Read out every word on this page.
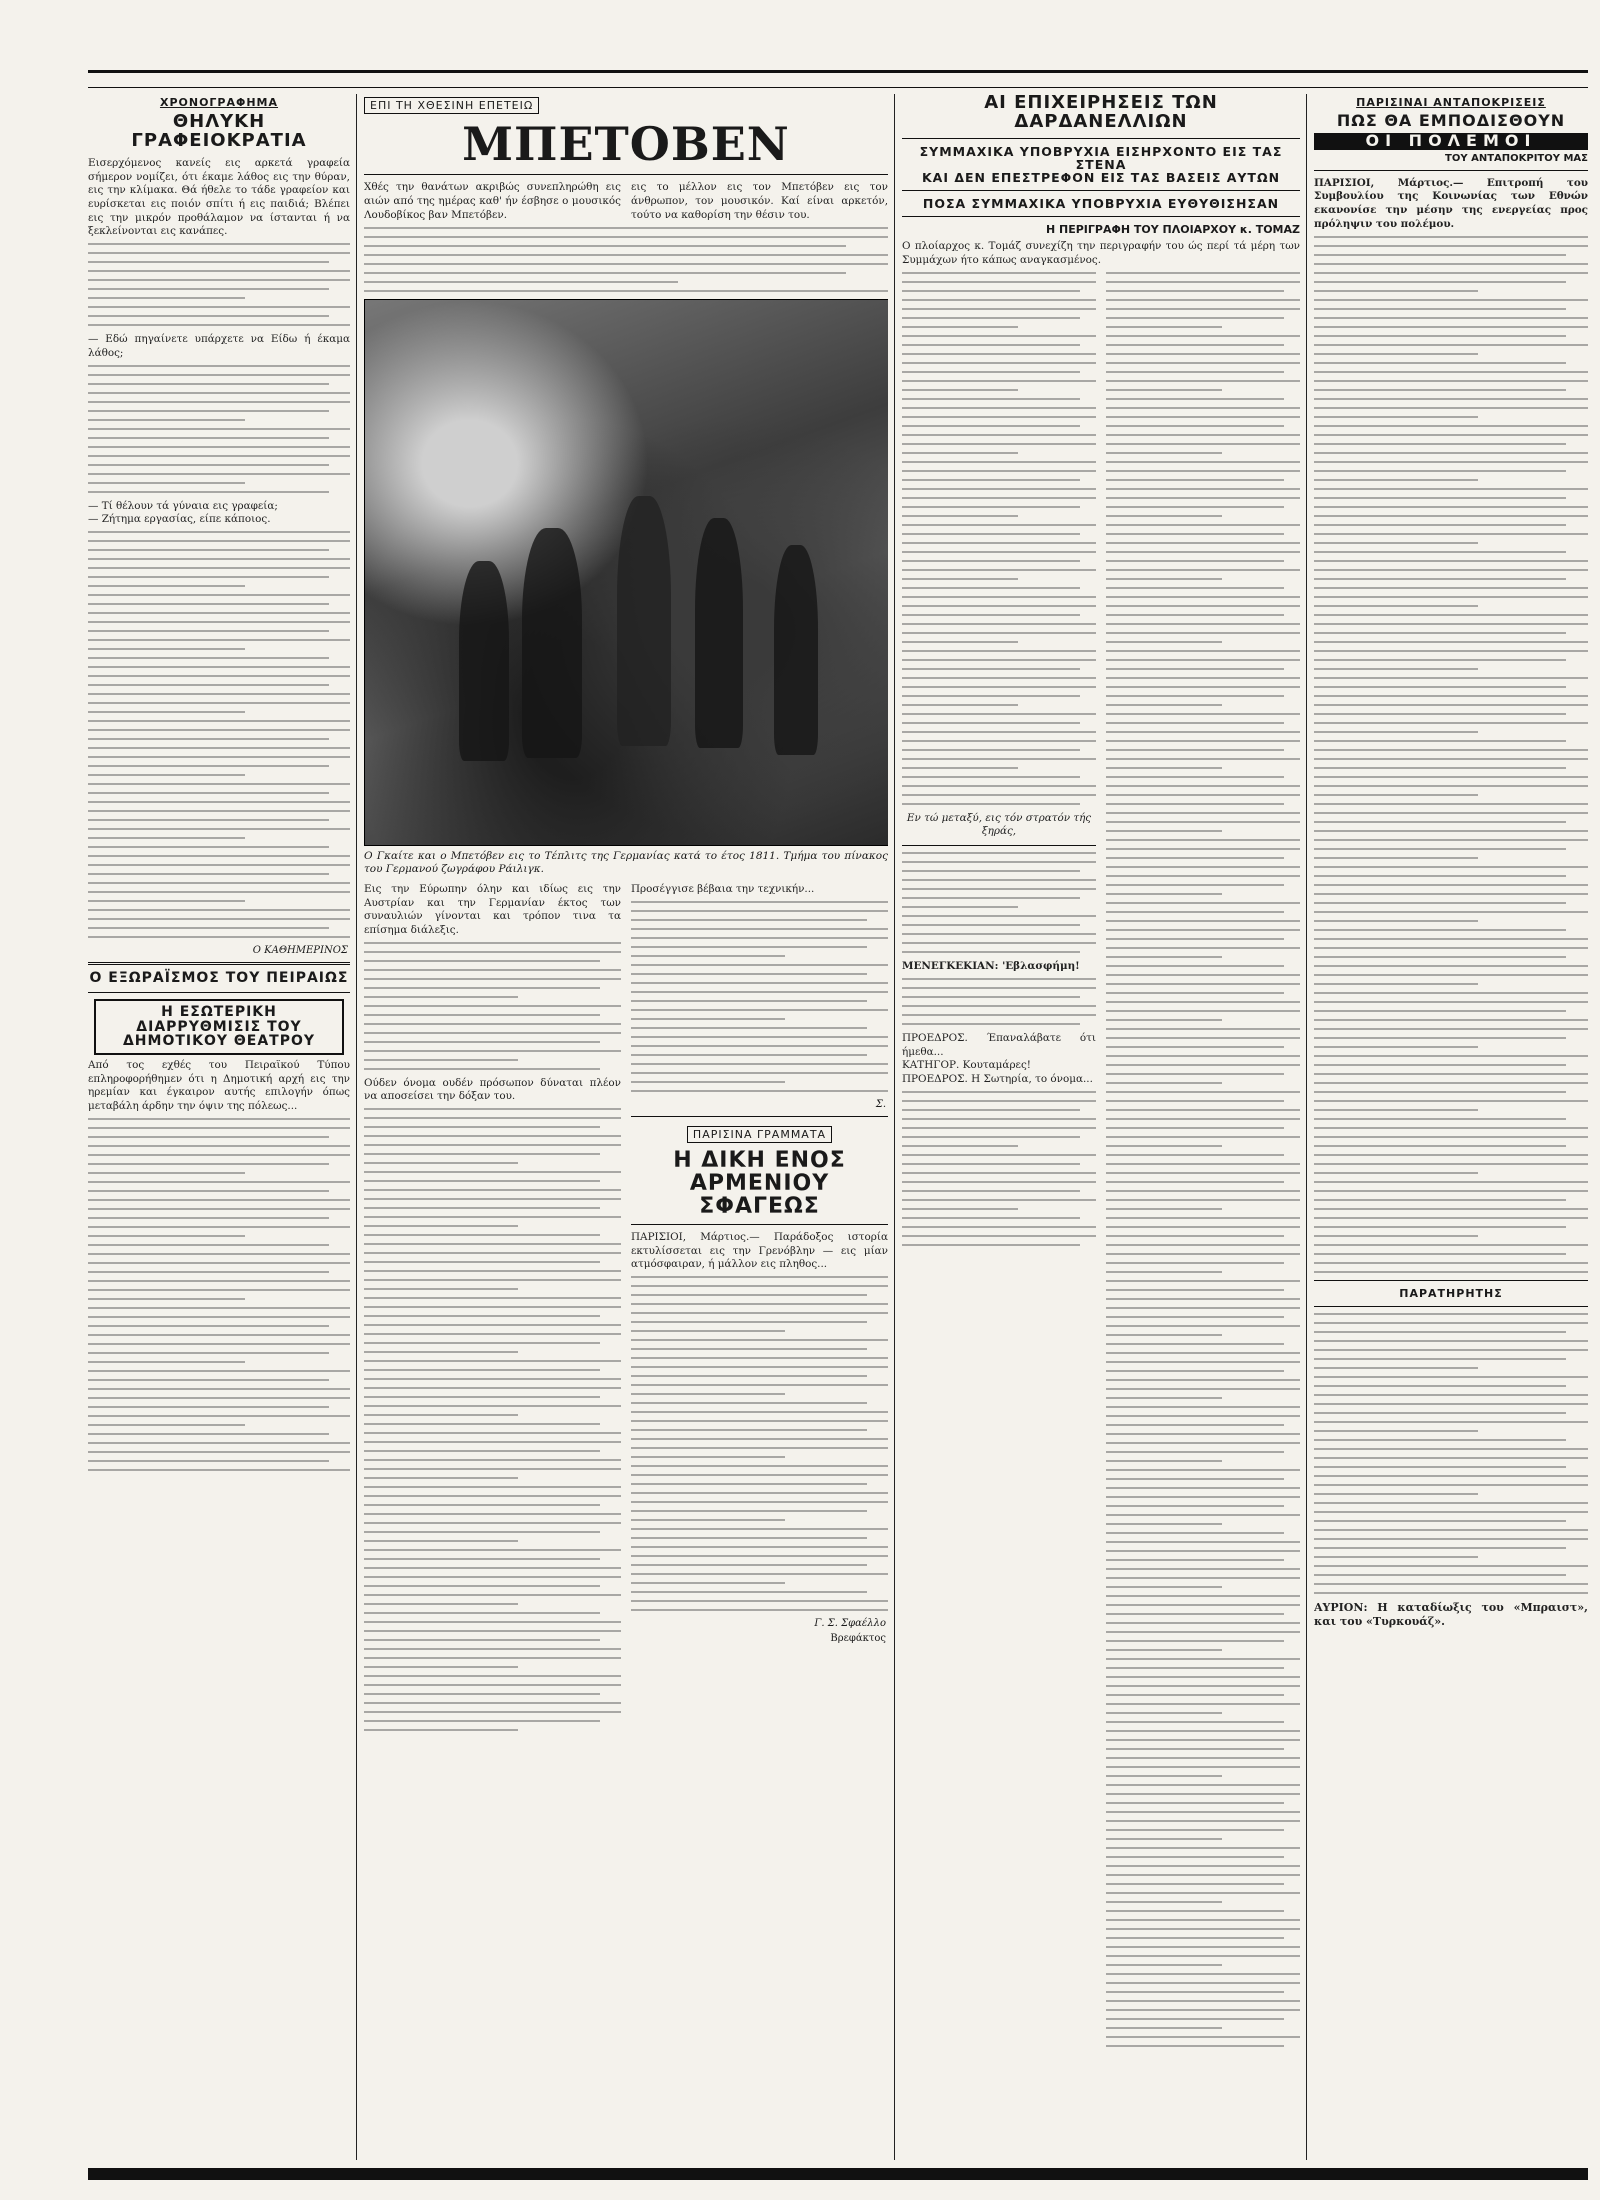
ΧΡΟΝΟΓΡΑΦΗΜΑ
ΘΗΛΥΚΗ ΓΡΑΦΕΙΟΚΡΑΤΙΑ

Εισερχόμενος κανείς εις αρκετά γραφεία σήμερον νομίζει, ότι έκαμε λάθος εις την θύραν, εις την κλίμακα. Θά ήθελε το τάδε γραφείον και ευρίσκεται εις ποιόν σπίτι ή εις παιδιά; Βλέπει εις την μικρόν προθάλαμον να ίστανται ή να ξεκλείνονται εις κανάπες.

— Εδώ πηγαίνετε υπάρχετε να Είδω ή έκαμα λάθος;

— Τί θέλουν τά γύναια εις γραφεία;

— Ζήτημα εργασίας, είπε κάποιος.

Ο ΚΑΘΗΜΕΡΙΝΟΣ
Ο ΕΞΩΡΑΪΣΜΟΣ ΤΟΥ ΠΕΙΡΑΙΩΣ
Η ΕΣΩΤΕΡΙΚΗ ΔΙΑΡΡΥΘΜΙΣΙΣ ΤΟΥ ΔΗΜΟΤΙΚΟΥ ΘΕΑΤΡΟΥ

Από τος εχθές του Πειραϊκού Τύπου επληροφορήθημεν ότι η Δημοτική αρχή εις την ηρεμίαν και έγκαιρον αυτής επιλογήν όπως μεταβάλη άρδην την όψιν της πόλεως...

ΕΠΙ ΤΗ ΧΘΕΣΙΝΗ ΕΠΕΤΕΙΩ
ΜΠΕΤΟΒΕΝ

Χθές την θανάτων ακριβώς συνεπληρώθη εις αιών από της ημέρας καθ' ήν έσβησε ο μουσικός Λουδοβίκος βαν Μπετόβεν.

εις το μέλλον εις τον Μπετόβεν εις τον άνθρωπον, τον μουσικόν. Καί είναι αρκετόν, τούτο να καθορίση την θέσιν του.

Ο Γκαίτε και ο Μπετόβεν εις το Τέπλιτς της Γερμανίας κατά το έτος 1811. Τμήμα του πίνακος του Γερμανού ζωγράφου Ράιλιγκ.

Εις την Εύρωπην όλην και ιδίως εις την Αυστρίαν και την Γερμανίαν έκτος των συναυλιών γίνονται και τρόπον τινα τα επίσημα διάλεξις.

Ούδεν όνομα ουδέν πρόσωπον δύναται πλέον να αποσείσει την δόξαν του.

Προσέγγισε βέβαια την τεχνικήν...

Σ.
ΠΑΡΙΣΙΝΑ ΓΡΑΜΜΑΤΑ
Η ΔΙΚΗ ΕΝΟΣ ΑΡΜΕΝΙΟΥ ΣΦΑΓΕΩΣ

ΠΑΡΙΣΙΟΙ, Μάρτιος.— Παράδοξος ιστορία εκτυλίσσεται εις την Γρενόβλην — εις μίαν ατμόσφαιραν, ή μάλλον εις πληθος...

Γ. Σ. Σφαέλλο
Βρεφάκτος
ΑΙ ΕΠΙΧΕΙΡΗΣΕΙΣ ΤΩΝ ΔΑΡΔΑΝΕΛΛΙΩΝ
ΣΥΜΜΑΧΙΚΑ ΥΠΟΒΡΥΧΙΑ ΕΙΣΗΡΧΟΝΤΟ ΕΙΣ ΤΑΣ ΣΤΕΝΑ
ΚΑΙ ΔΕΝ ΕΠΕΣΤΡΕΦΟΝ ΕΙΣ ΤΑΣ ΒΑΣΕΙΣ ΑΥΤΩΝ
ΠΟΣΑ ΣΥΜΜΑΧΙΚΑ ΥΠΟΒΡΥΧΙΑ ΕΥΘΥΘΙΣΗΣΑΝ
Η ΠΕΡΙΓΡΑΦΗ ΤΟΥ ΠΛΟΙΑΡΧΟΥ κ. ΤΟΜΑΖ

Ο πλοίαρχος κ. Τομάζ συνεχίζη την περιγραφήν του ώς περί τά μέρη των Συμμάχων ήτο κάπως αναγκασμένος.

Εν τώ μεταξύ, εις τόν στρατόν τής ξηράς,

ΜΕΝΕΓΚΕΚΙΑΝ: 'Εβλασφήμη!

ΠΡΟΕΔΡΟΣ. Έπαναλάβατε ότι ήμεθα...

ΚΑΤΗΓΟΡ. Κουταμάρες!

ΠΡΟΕΔΡΟΣ. Η Σωτηρία, το όνομα...

ΠΑΡΙΣΙΝΑΙ ΑΝΤΑΠΟΚΡΙΣΕΙΣ
ΠΩΣ ΘΑ ΕΜΠΟΔΙΣΘΟΥΝ
ΟΙ ΠΟΛΕΜΟΙ
ΤΟΥ ΑΝΤΑΠΟΚΡΙΤΟΥ ΜΑΣ

ΠΑΡΙΣΙΟΙ, Μάρτιος.— Επιτροπή του Συμβουλίου της Κοινωνίας των Εθνών εκανονίσε την μέσην της ενεργείας προς πρόληψιν του πολέμου.

ΠΑΡΑΤΗΡΗΤΗΣ

ΑΥΡΙΟΝ: Η καταδίωξις του «Μπραιστ», και του «Τυρκουάζ».
